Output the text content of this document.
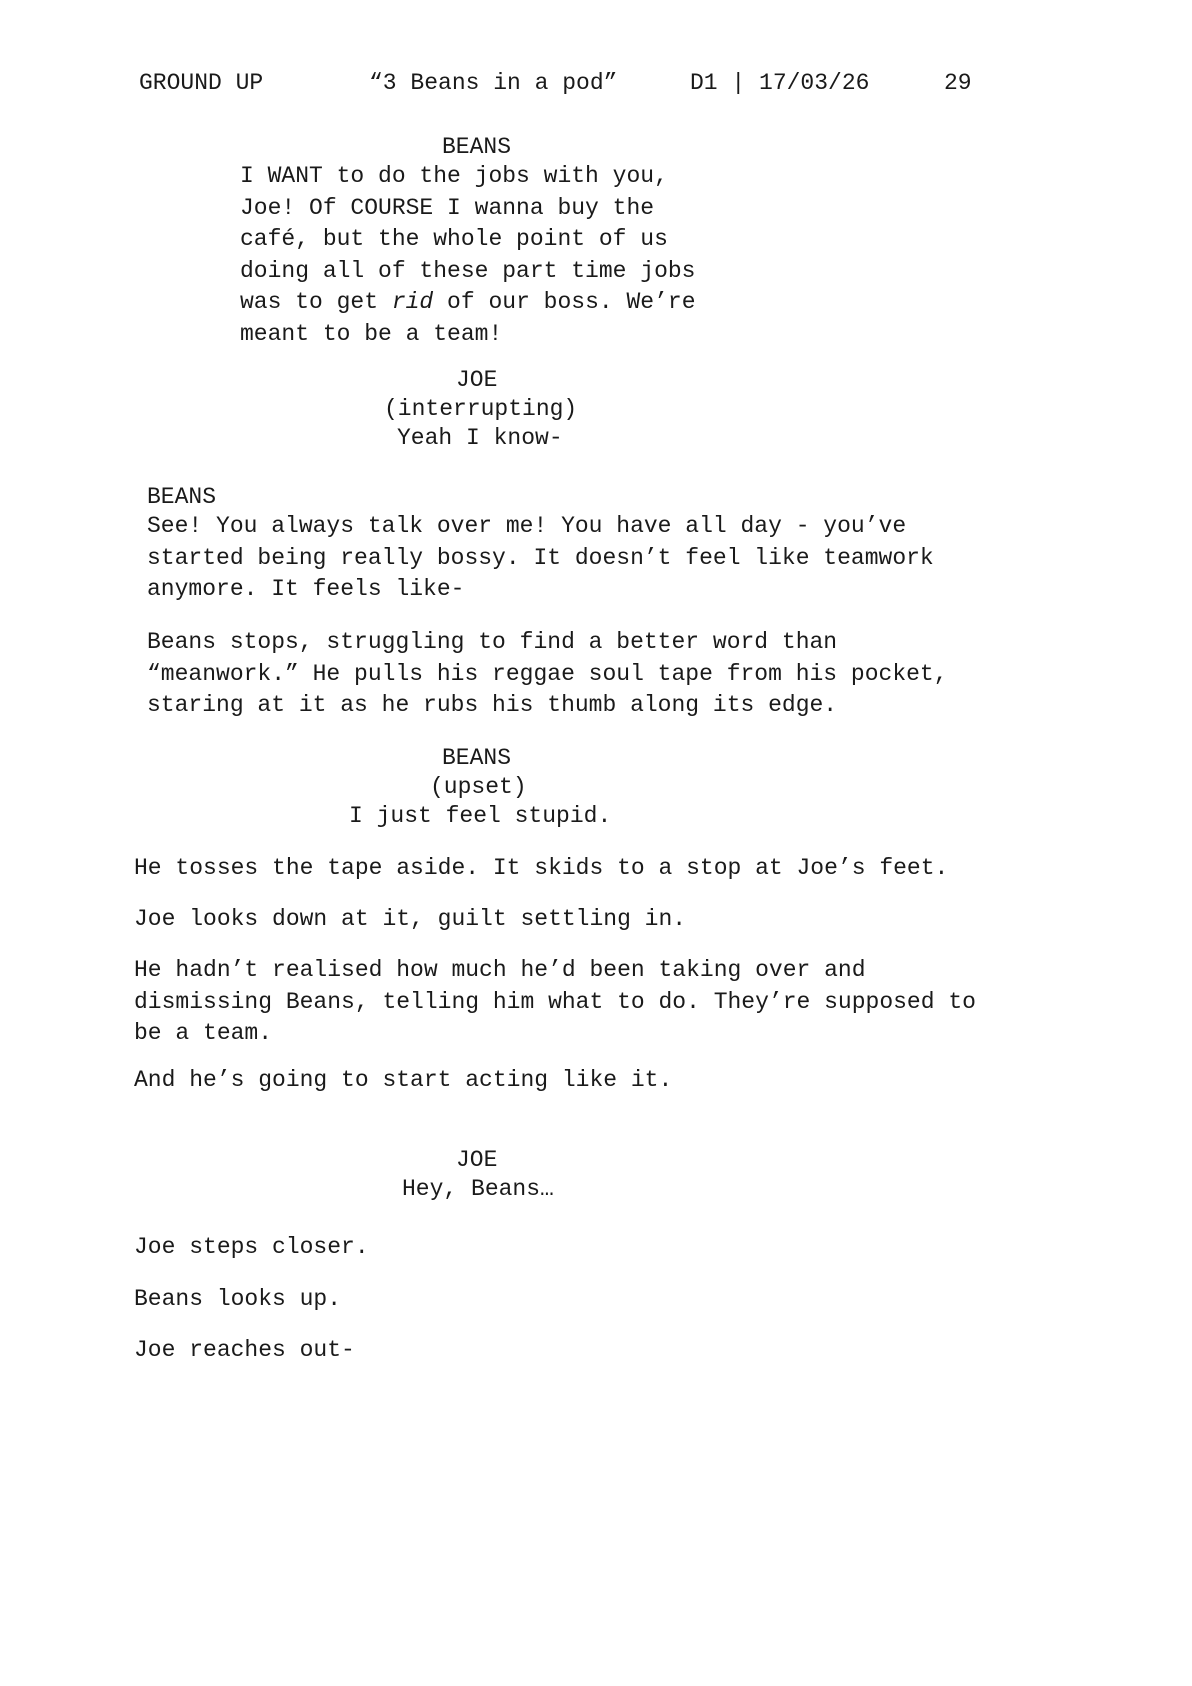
GROUND UP	“3 Beans in a pod”	D1 | 17/03/26	29
BEANS
I WANT to do the jobs with you,
Joe! Of COURSE I wanna buy the
café, but the whole point of us
doing all of these part time jobs
was to get rid of our boss. We’re
meant to be a team!
JOE
(interrupting)
Yeah I know-
BEANS
See! You always talk over me! You have all day - you’ve
started being really bossy. It doesn’t feel like teamwork
anymore. It feels like-
Beans stops, struggling to find a better word than
“meanwork.” He pulls his reggae soul tape from his pocket,
staring at it as he rubs his thumb along its edge.
BEANS
(upset)
I just feel stupid.
He tosses the tape aside. It skids to a stop at Joe’s feet.
Joe looks down at it, guilt settling in.
He hadn’t realised how much he’d been taking over and
dismissing Beans, telling him what to do. They’re supposed to
be a team.
And he’s going to start acting like it.
JOE
Hey, Beans…
Joe steps closer.
Beans looks up.
Joe reaches out-
